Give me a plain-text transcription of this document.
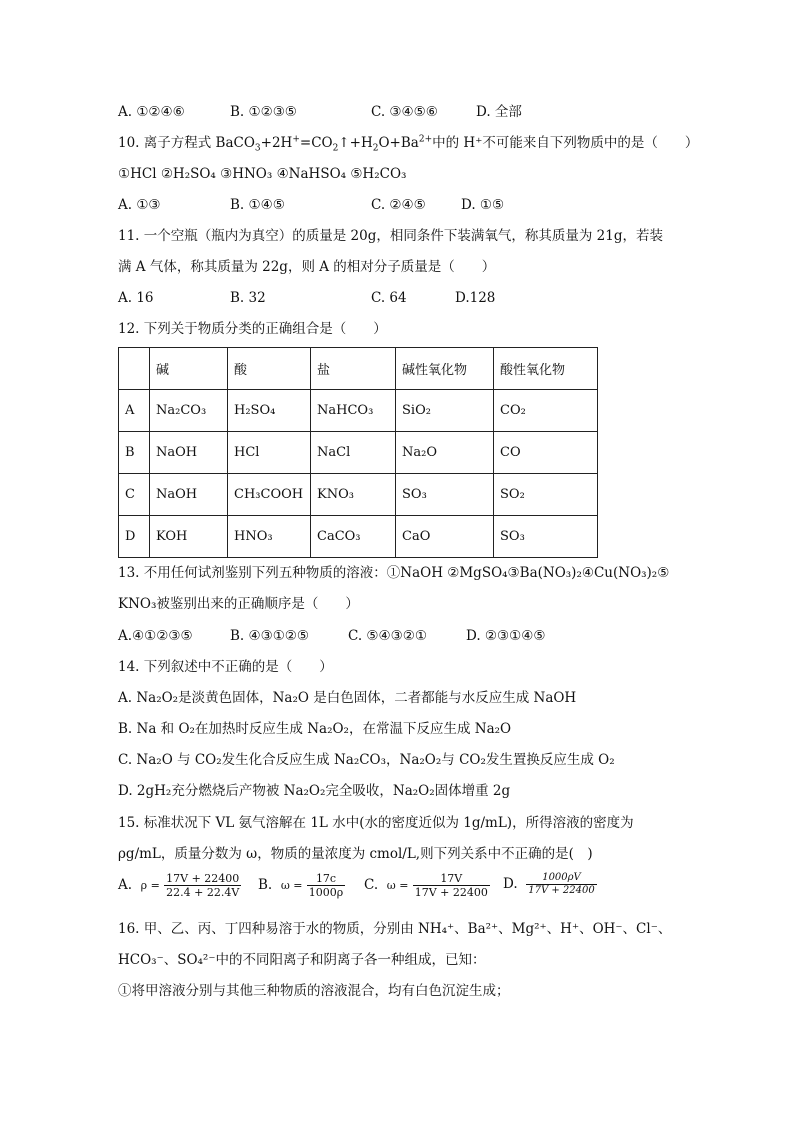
A. ①②④⑥	B. ①②③⑤	C. ③④⑤⑥	D. 全部
10. 离子方程式 $BaCO_3+2H^+=CO_2↑+H_2O+Ba^{2+}$中的 H⁺不可能来自下列物质中的是（　　）
①HCl ②H₂SO₄ ③HNO₃ ④NaHSO₄ ⑤H₂CO₃
A. ①③	B. ①④⑤	C. ②④⑤	D. ①⑤
11. 一个空瓶（瓶内为真空）的质量是 20g，相同条件下装满氧气，称其质量为 21g，若装
满 A 气体，称其质量为 22g，则 A 的相对分子质量是（　　）
A. 16	B. 32	C. 64	D.128
12. 下列关于物质分类的正确组合是（　　）
	碱	酸	盐	碱性氧化物	酸性氧化物
A	Na₂CO₃	H₂SO₄	NaHCO₃	SiO₂	CO₂
B	NaOH	HCl	NaCl	Na₂O	CO
C	NaOH	CH₃COOH	KNO₃	SO₃	SO₂
D	KOH	HNO₃	CaCO₃	CaO	SO₃
13. 不用任何试剂鉴别下列五种物质的溶液：①NaOH ②MgSO₄③Ba(NO₃)₂④Cu(NO₃)₂⑤
KNO₃被鉴别出来的正确顺序是（　　）
A.④①②③⑤	B. ④③①②⑤	C. ⑤④③②①	D. ②③①④⑤
14. 下列叙述中不正确的是（　　）
A. Na₂O₂是淡黄色固体，Na₂O 是白色固体，二者都能与水反应生成 NaOH
B. Na 和 O₂在加热时反应生成 Na₂O₂，在常温下反应生成 Na₂O
C. Na₂O 与 CO₂发生化合反应生成 Na₂CO₃，Na₂O₂与 CO₂发生置换反应生成 O₂
D. 2gH₂充分燃烧后产物被 Na₂O₂完全吸收，Na₂O₂固体增重 2g
15. 标准状况下 VL 氨气溶解在 1L 水中(水的密度近似为 1g/mL)，所得溶液的密度为
ρg/mL，质量分数为 ω，物质的量浓度为 cmol/L,则下列关系中不正确的是(　)
A. $\rho = \frac{17V + 22400}{22.4 + 22.4V} B$. $\omega = \frac{17c}{1000\rho} C$. $\omega = \frac{17V}{17V + 22400} D$. $\frac{1000\rho V}{17V + 22400}$
16. 甲、乙、丙、丁四种易溶于水的物质，分别由 NH₄⁺、Ba²⁺、Mg²⁺、H⁺、OH⁻、Cl⁻、
HCO₃⁻、SO₄²⁻中的不同阳离子和阴离子各一种组成，已知：
①将甲溶液分别与其他三种物质的溶液混合，均有白色沉淀生成；
